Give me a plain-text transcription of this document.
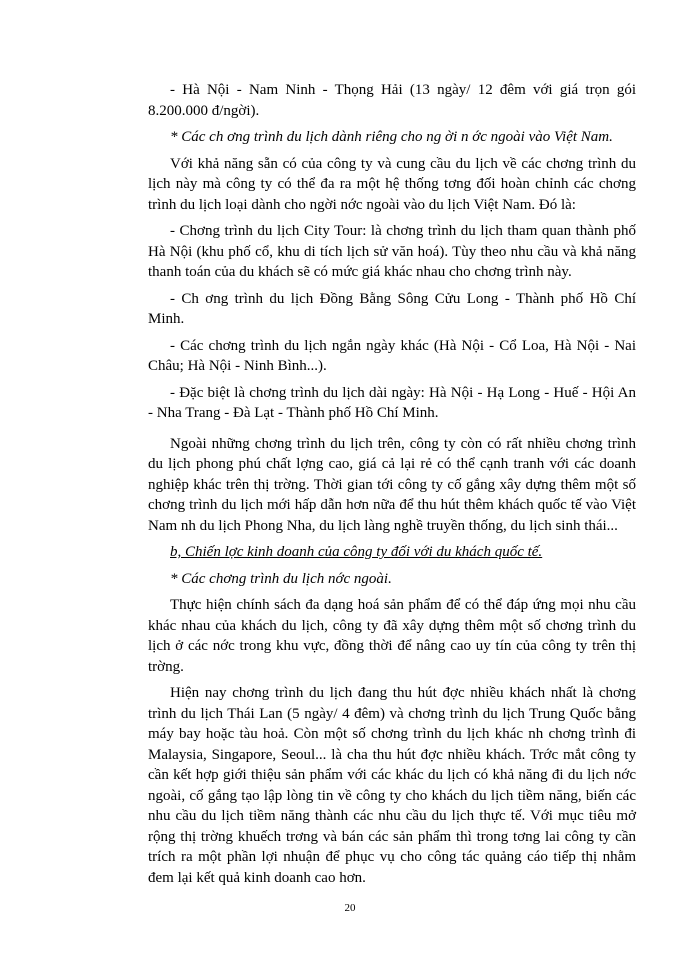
- Hà Nội - Nam Ninh - Thọng Hải (13 ngày/ 12 đêm với giá trọn gói 8.200.000 đ/ngời).

* Các ch ơng trình du lịch dành riêng cho ng ời n ớc ngoài vào Việt Nam.

Với khả năng sẵn có của công ty và cung cầu du lịch về các chơng trình du lịch này mà công ty có thể đa ra một hệ thống tơng đối hoàn chỉnh các chơng trình du lịch loại dành cho ngời nớc ngoài vào du lịch Việt Nam. Đó là:

- Chơng trình du lịch City Tour: là chơng trình du lịch tham quan thành phố Hà Nội (khu phố cổ, khu di tích lịch sử văn hoá). Tùy theo nhu cầu và khả năng thanh toán của du khách sẽ có mức giá khác nhau cho chơng trình này.

- Ch ơng trình du lịch Đồng Bằng Sông Cửu Long - Thành phố Hồ Chí Minh.

- Các chơng trình du lịch ngắn ngày khác (Hà Nội - Cổ Loa, Hà Nội - Nai Châu; Hà Nội - Ninh Bình...).

- Đặc biệt là chơng trình du lịch dài ngày: Hà Nội - Hạ Long - Huế - Hội An - Nha Trang - Đà Lạt - Thành phố Hồ Chí Minh.

Ngoài những chơng trình du lịch trên, công ty còn có rất nhiều chơng trình du lịch phong phú chất lợng cao, giá cả lại rẻ có thể cạnh tranh với các doanh nghiệp khác trên thị trờng. Thời gian tới công ty cố gắng xây dựng thêm một số chơng trình du lịch mới hấp dẫn hơn nữa để thu hút thêm khách quốc tế vào Việt Nam nh du lịch Phong Nha, du lịch làng nghề truyền thống, du lịch sinh thái...

b, Chiến lợc kinh doanh của công ty đối với du khách quốc tế.

* Các chơng trình du lịch nớc ngoài.

Thực hiện chính sách đa dạng hoá sản phẩm để có thể đáp ứng mọi nhu cầu khác nhau của khách du lịch, công ty đã xây dựng thêm một số chơng trình du lịch ở các nớc trong khu vực, đồng thời để nâng cao uy tín của công ty trên thị trờng.

Hiện nay chơng trình du lịch đang thu hút đợc nhiều khách nhất là chơng trình du lịch Thái Lan (5 ngày/ 4 đêm) và chơng trình du lịch Trung Quốc bằng máy bay hoặc tàu hoả. Còn một số chơng trình du lịch khác nh chơng trình đi Malaysia, Singapore, Seoul... là cha thu hút đợc nhiều khách. Trớc mắt công ty cần kết hợp giới thiệu sản phẩm với các khác du lịch có khả năng đi du lịch nớc ngoài, cố gắng tạo lập lòng tin về công ty cho khách du lịch tiềm năng, biến các nhu cầu du lịch tiềm năng thành các nhu cầu du lịch thực tế. Với mục tiêu mở rộng thị trờng khuếch trơng và bán các sản phẩm thì trong tơng lai công ty cần trích ra một phần lợi nhuận để phục vụ cho công tác quảng cáo tiếp thị nhằm đem lại kết quả kinh doanh cao hơn.

20
